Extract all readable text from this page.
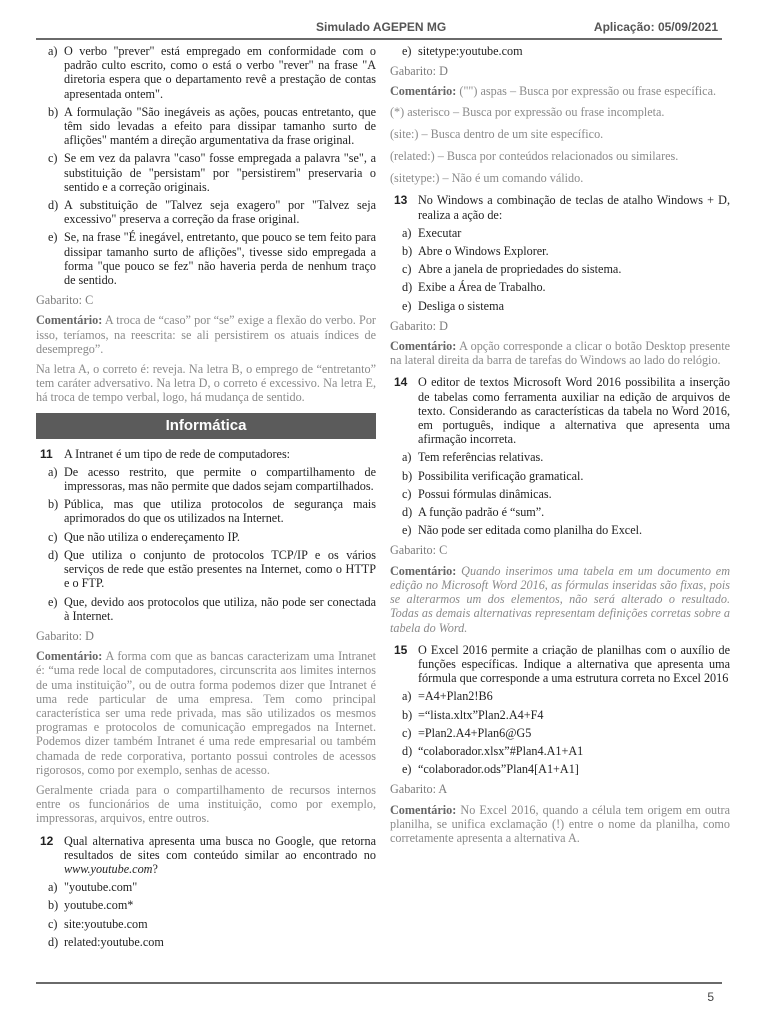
Simulado AGEPEN MG	Aplicação: 05/09/2021
a) O verbo "prever" está empregado em conformidade com o padrão culto escrito, como o está o verbo "rever" na frase "A diretoria espera que o departamento revê a prestação de contas apresentada ontem".
b) A formulação "São inegáveis as ações, poucas entretanto, que têm sido levadas a efeito para dissipar tamanho surto de aflições" mantém a direção argumentativa da frase original.
c) Se em vez da palavra "caso" fosse empregada a palavra "se", a substituição de "persistam" por "persistirem" preservaria o sentido e a correção originais.
d) A substituição de "Talvez seja exagero" por "Talvez seja excessivo" preserva a correção da frase original.
e) Se, na frase "É inegável, entretanto, que pouco se tem feito para dissipar tamanho surto de aflições", tivesse sido empregada a forma "que pouco se fez" não haveria perda de nenhum traço de sentido.
Gabarito: C
Comentário: A troca de “caso” por “se” exige a flexão do verbo. Por isso, teríamos, na reescrita: se ali persistirem os atuais índices de desemprego”.
Na letra A, o correto é: reveja. Na letra B, o emprego de “entretanto” tem caráter adversativo. Na letra D, o correto é excessivo. Na letra E, há troca de tempo verbal, logo, há mudança de sentido.
Informática
11 A Intranet é um tipo de rede de computadores:
a) De acesso restrito, que permite o compartilhamento de impressoras, mas não permite que dados sejam compartilhados.
b) Pública, mas que utiliza protocolos de segurança mais aprimorados do que os utilizados na Internet.
c) Que não utiliza o endereçamento IP.
d) Que utiliza o conjunto de protocolos TCP/IP e os vários serviços de rede que estão presentes na Internet, como o HTTP e o FTP.
e) Que, devido aos protocolos que utiliza, não pode ser conectada à Internet.
Gabarito: D
Comentário: A forma com que as bancas caracterizam uma Intranet é: “uma rede local de computadores, circunscrita aos limites internos de uma instituição”, ou de outra forma podemos dizer que Intranet é uma rede particular de uma empresa. Tem como principal característica ser uma rede privada, mas são utilizados os mesmos programas e protocolos de comunicação empregados na Internet. Podemos dizer também Intranet é uma rede empresarial ou também chamada de rede corporativa, portanto possui controles de acessos rigorosos, como por exemplo, senhas de acesso.
Geralmente criada para o compartilhamento de recursos internos entre os funcionários de uma instituição, como por exemplo, impressoras, arquivos, entre outros.
12 Qual alternativa apresenta uma busca no Google, que retorna resultados de sites com conteúdo similar ao encontrado no www.youtube.com?
a) "youtube.com"
b) youtube.com*
c) site:youtube.com
d) related:youtube.com
e) sitetype:youtube.com
Gabarito: D
Comentário: ("") aspas – Busca por expressão ou frase específica.
(*) asterisco – Busca por expressão ou frase incompleta.
(site:) – Busca dentro de um site específico.
(related:) – Busca por conteúdos relacionados ou similares.
(sitetype:) – Não é um comando válido.
13 No Windows a combinação de teclas de atalho Windows + D, realiza a ação de:
a) Executar
b) Abre o Windows Explorer.
c) Abre a janela de propriedades do sistema.
d) Exibe a Área de Trabalho.
e) Desliga o sistema
Gabarito: D
Comentário: A opção corresponde a clicar o botão Desktop presente na lateral direita da barra de tarefas do Windows ao lado do relógio.
14 O editor de textos Microsoft Word 2016 possibilita a inserção de tabelas como ferramenta auxiliar na edição de arquivos de texto. Considerando as características da tabela no Word 2016, em português, indique a alternativa que apresenta uma afirmação incorreta.
a) Tem referências relativas.
b) Possibilita verificação gramatical.
c) Possui fórmulas dinâmicas.
d) A função padrão é “sum”.
e) Não pode ser editada como planilha do Excel.
Gabarito: C
Comentário: Quando inserimos uma tabela em um documento em edição no Microsoft Word 2016, as fórmulas inseridas são fixas, pois se alterarmos um dos elementos, não será alterado o resultado. Todas as demais alternativas representam definições corretas sobre a tabela do Word.
15 O Excel 2016 permite a criação de planilhas com o auxílio de funções específicas. Indique a alternativa que apresenta uma fórmula que corresponde a uma estrutura correta no Excel 2016
a) =A4+Plan2!B6
b) =“lista.xltx”Plan2.A4+F4
c) =Plan2.A4+Plan6@G5
d) “colaborador.xlsx”#Plan4.A1+A1
e) “colaborador.ods”Plan4[A1+A1]
Gabarito: A
Comentário: No Excel 2016, quando a célula tem origem em outra planilha, se unifica exclamação (!) entre o nome da planilha, como corretamente apresenta a alternativa A.
5
